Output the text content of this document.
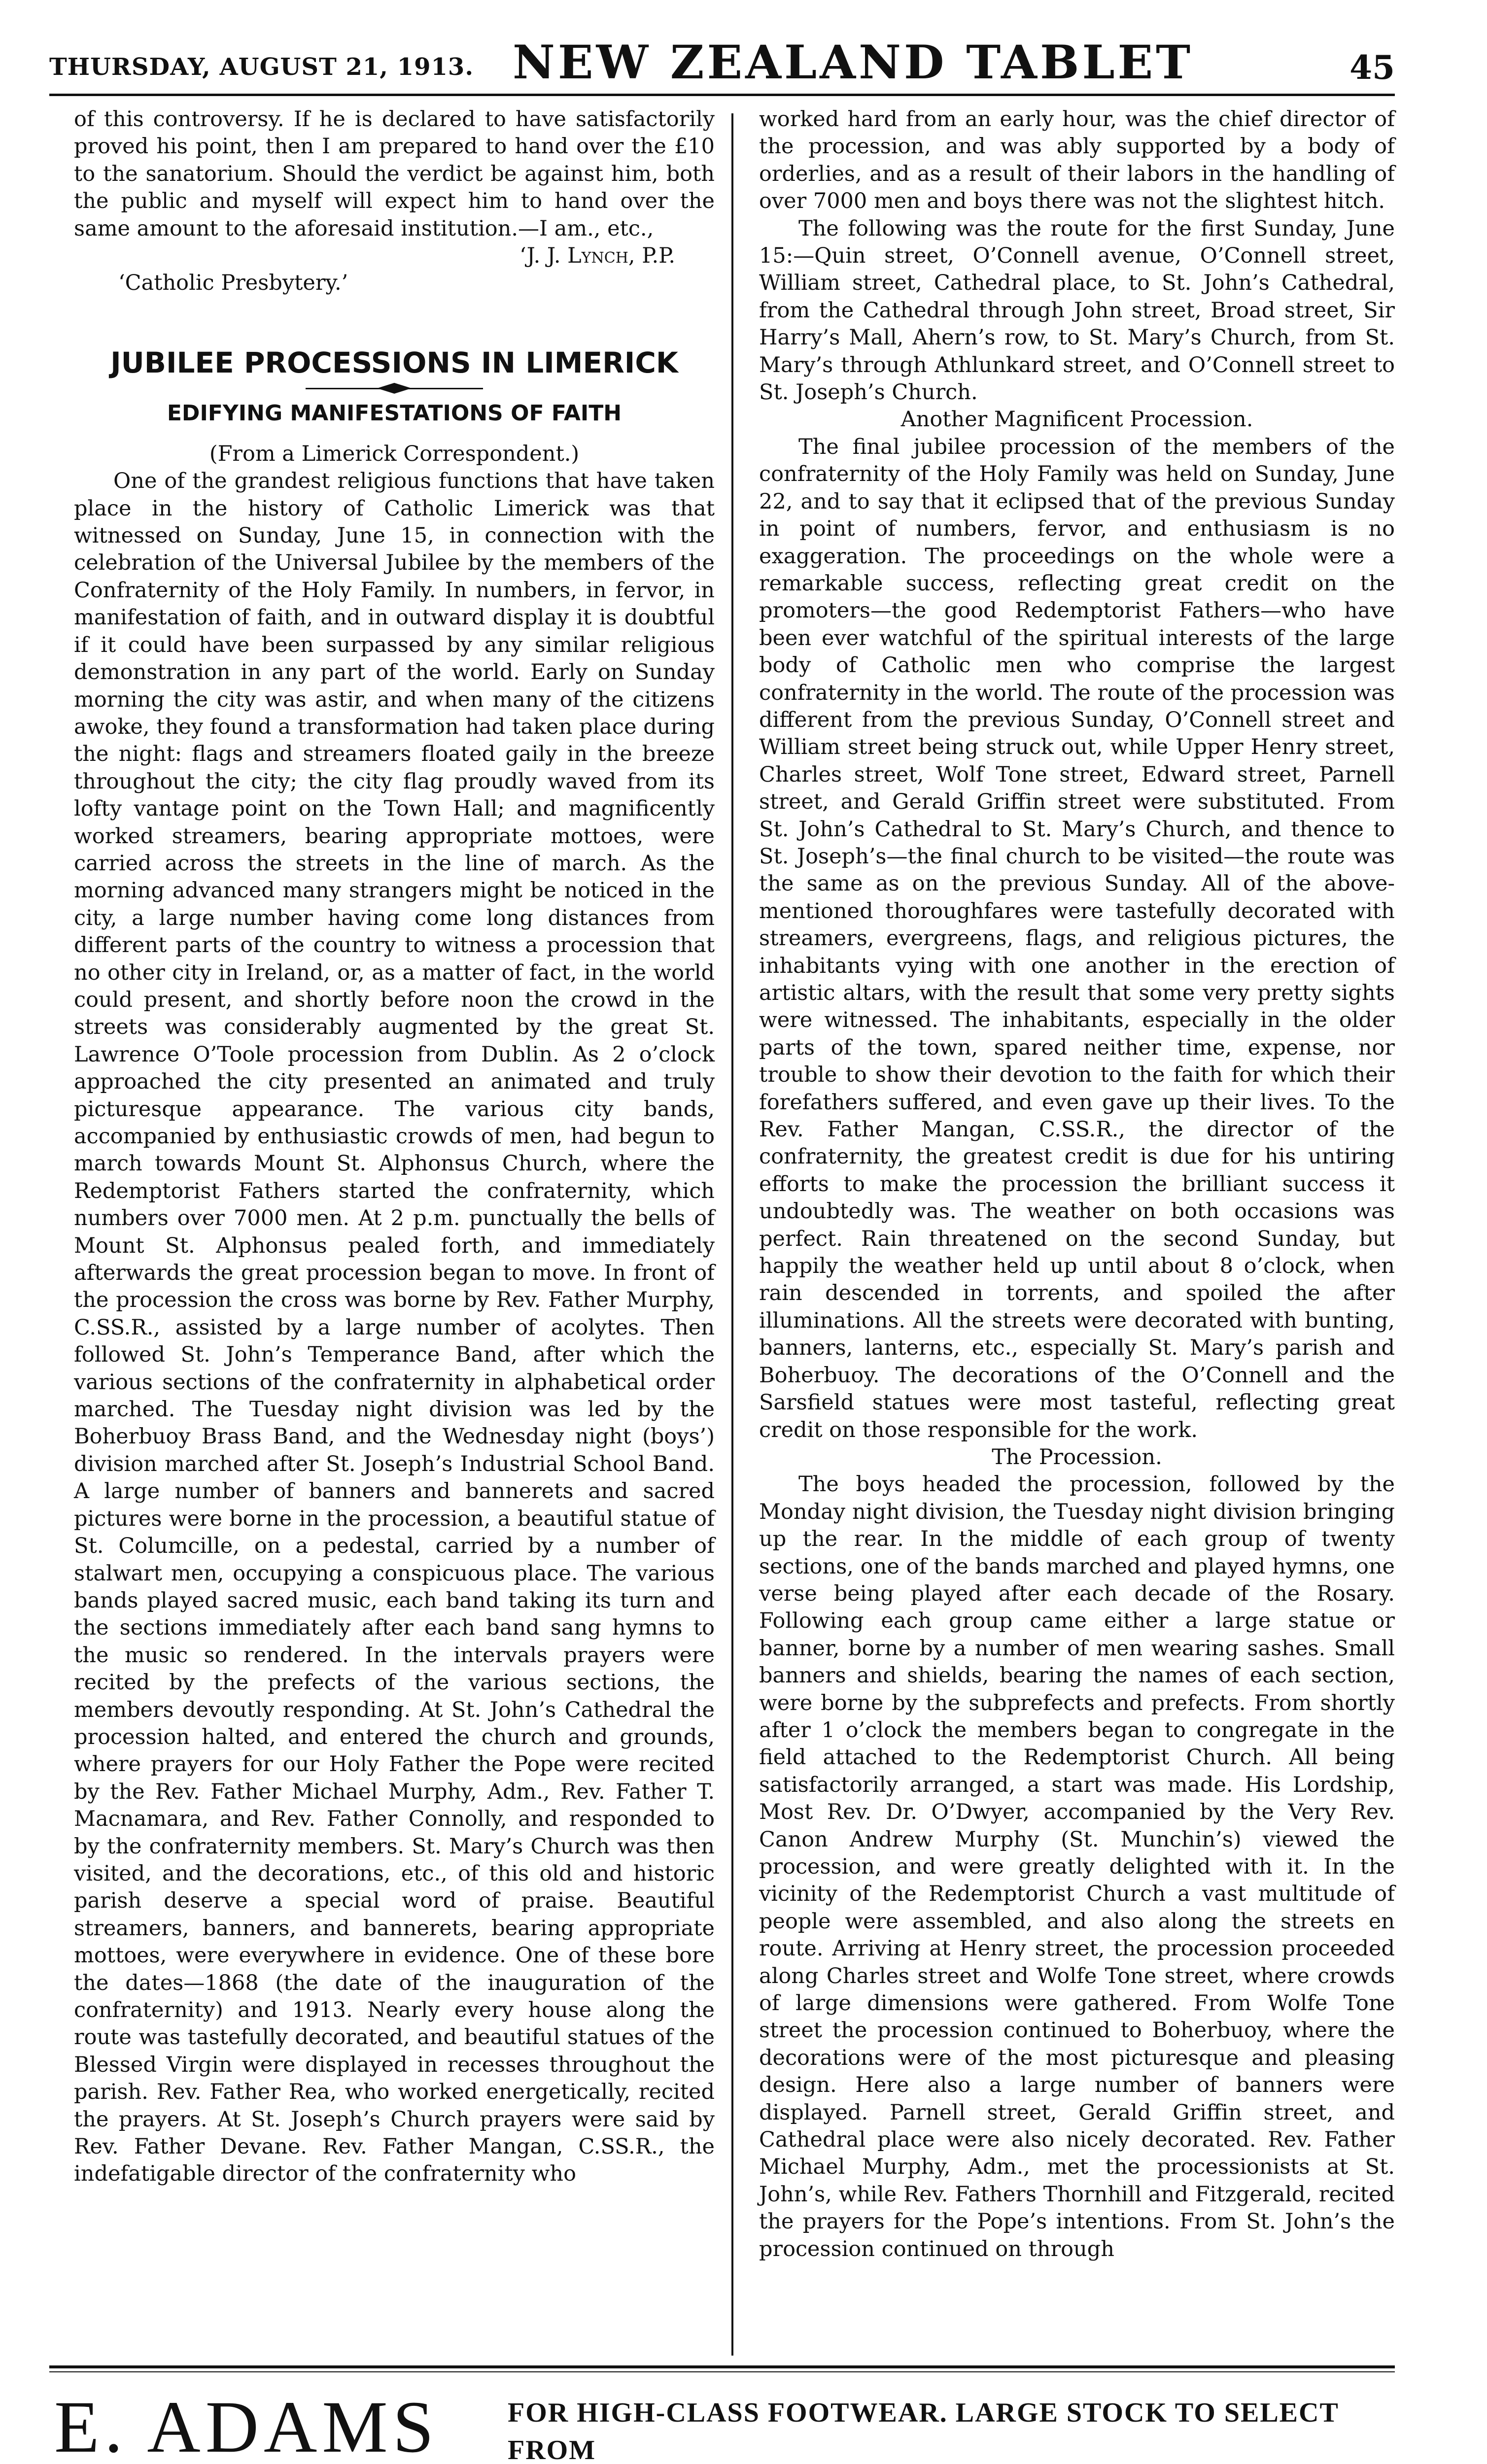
THURSDAY, AUGUST 21, 1913. NEW ZEALAND TABLET	45

of this controversy. If he is declared to have satisfactorily proved his point, then I am prepared to hand over the £10 to the sanatorium. Should the verdict be against him, both the public and myself will expect him to hand over the same amount to the aforesaid institution.—I am., etc.,

‘J. J. Lynch, P.P.

‘Catholic Presbytery.’

JUBILEE PROCESSIONS IN LIMERICK
EDIFYING MANIFESTATIONS OF FAITH

(From a Limerick Correspondent.)

One of the grandest religious functions that have taken place in the history of Catholic Limerick was that witnessed on Sunday, June 15, in connection with the celebration of the Universal Jubilee by the members of the Confraternity of the Holy Family. In numbers, in fervor, in manifestation of faith, and in outward display it is doubtful if it could have been surpassed by any similar religious demonstration in any part of the world. Early on Sunday morning the city was astir, and when many of the citizens awoke, they found a transformation had taken place during the night: flags and streamers floated gaily in the breeze throughout the city; the city flag proudly waved from its lofty vantage point on the Town Hall; and magnificently worked streamers, bearing appropriate mottoes, were carried across the streets in the line of march. As the morning advanced many strangers might be noticed in the city, a large number having come long distances from different parts of the country to witness a procession that no other city in Ireland, or, as a matter of fact, in the world could present, and shortly before noon the crowd in the streets was considerably augmented by the great St. Lawrence O’Toole procession from Dublin. As 2 o’clock approached the city presented an animated and truly picturesque appearance. The various city bands, accompanied by enthusiastic crowds of men, had begun to march towards Mount St. Alphonsus Church, where the Redemptorist Fathers started the confraternity, which numbers over 7000 men. At 2 p.m. punctually the bells of Mount St. Alphonsus pealed forth, and immediately afterwards the great procession began to move. In front of the procession the cross was borne by Rev. Father Murphy, C.SS.R., assisted by a large number of acolytes. Then followed St. John’s Temperance Band, after which the various sections of the confraternity in alphabetical order marched. The Tuesday night division was led by the Boherbuoy Brass Band, and the Wednesday night (boys’) division marched after St. Joseph’s Industrial School Band. A large number of banners and bannerets and sacred pictures were borne in the procession, a beautiful statue of St. Columcille, on a pedestal, carried by a number of stalwart men, occupying a conspicuous place. The various bands played sacred music, each band taking its turn and the sections immediately after each band sang hymns to the music so rendered. In the intervals prayers were recited by the prefects of the various sections, the members devoutly responding. At St. John’s Cathedral the procession halted, and entered the church and grounds, where prayers for our Holy Father the Pope were recited by the Rev. Father Michael Murphy, Adm., Rev. Father T. Macnamara, and Rev. Father Connolly, and responded to by the confraternity members. St. Mary’s Church was then visited, and the decorations, etc., of this old and historic parish deserve a special word of praise. Beautiful streamers, banners, and bannerets, bearing appropriate mottoes, were everywhere in evidence. One of these bore the dates—1868 (the date of the inauguration of the confraternity) and 1913. Nearly every house along the route was tastefully decorated, and beautiful statues of the Blessed Virgin were displayed in recesses throughout the parish. Rev. Father Rea, who worked energetically, recited the prayers. At St. Joseph’s Church prayers were said by Rev. Father Devane. Rev. Father Mangan, C.SS.R., the indefatigable director of the confraternity who

worked hard from an early hour, was the chief director of the procession, and was ably supported by a body of orderlies, and as a result of their labors in the handling of over 7000 men and boys there was not the slightest hitch.

The following was the route for the first Sunday, June 15:—Quin street, O’Connell avenue, O’Connell street, William street, Cathedral place, to St. John’s Cathedral, from the Cathedral through John street, Broad street, Sir Harry’s Mall, Ahern’s row, to St. Mary’s Church, from St. Mary’s through Athlunkard street, and O’Connell street to St. Joseph’s Church.

Another Magnificent Procession.

The final jubilee procession of the members of the confraternity of the Holy Family was held on Sunday, June 22, and to say that it eclipsed that of the previous Sunday in point of numbers, fervor, and enthusiasm is no exaggeration. The proceedings on the whole were a remarkable success, reflecting great credit on the promoters—the good Redemptorist Fathers—who have been ever watchful of the spiritual interests of the large body of Catholic men who comprise the largest confraternity in the world. The route of the procession was different from the previous Sunday, O’Connell street and William street being struck out, while Upper Henry street, Charles street, Wolf Tone street, Edward street, Parnell street, and Gerald Griffin street were substituted. From St. John’s Cathedral to St. Mary’s Church, and thence to St. Joseph’s—the final church to be visited—the route was the same as on the previous Sunday. All of the above-mentioned thoroughfares were tastefully decorated with streamers, evergreens, flags, and religious pictures, the inhabitants vying with one another in the erection of artistic altars, with the result that some very pretty sights were witnessed. The inhabitants, especially in the older parts of the town, spared neither time, expense, nor trouble to show their devotion to the faith for which their forefathers suffered, and even gave up their lives. To the Rev. Father Mangan, C.SS.R., the director of the confraternity, the greatest credit is due for his untiring efforts to make the procession the brilliant success it undoubtedly was. The weather on both occasions was perfect. Rain threatened on the second Sunday, but happily the weather held up until about 8 o’clock, when rain descended in torrents, and spoiled the after illuminations. All the streets were decorated with bunting, banners, lanterns, etc., especially St. Mary’s parish and Boherbuoy. The decorations of the O’Connell and the Sarsfield statues were most tasteful, reflecting great credit on those responsible for the work.

The Procession.

The boys headed the procession, followed by the Monday night division, the Tuesday night division bringing up the rear. In the middle of each group of twenty sections, one of the bands marched and played hymns, one verse being played after each decade of the Rosary. Following each group came either a large statue or banner, borne by a number of men wearing sashes. Small banners and shields, bearing the names of each section, were borne by the subprefects and prefects. From shortly after 1 o’clock the members began to congregate in the field attached to the Redemptorist Church. All being satisfactorily arranged, a start was made. His Lordship, Most Rev. Dr. O’Dwyer, accompanied by the Very Rev. Canon Andrew Murphy (St. Munchin’s) viewed the procession, and were greatly delighted with it. In the vicinity of the Redemptorist Church a vast multitude of people were assembled, and also along the streets en route. Arriving at Henry street, the procession proceeded along Charles street and Wolfe Tone street, where crowds of large dimensions were gathered. From Wolfe Tone street the procession continued to Boherbuoy, where the decorations were of the most picturesque and pleasing design. Here also a large number of banners were displayed. Parnell street, Gerald Griffin street, and Cathedral place were also nicely decorated. Rev. Father Michael Murphy, Adm., met the processionists at St. John’s, while Rev. Fathers Thornhill and Fitzgerald, recited the prayers for the Pope’s intentions. From St. John’s the procession continued on through

E. ADAMS FOR HIGH-CLASS FOOTWEAR. LARGE STOCK TO SELECT FROM
